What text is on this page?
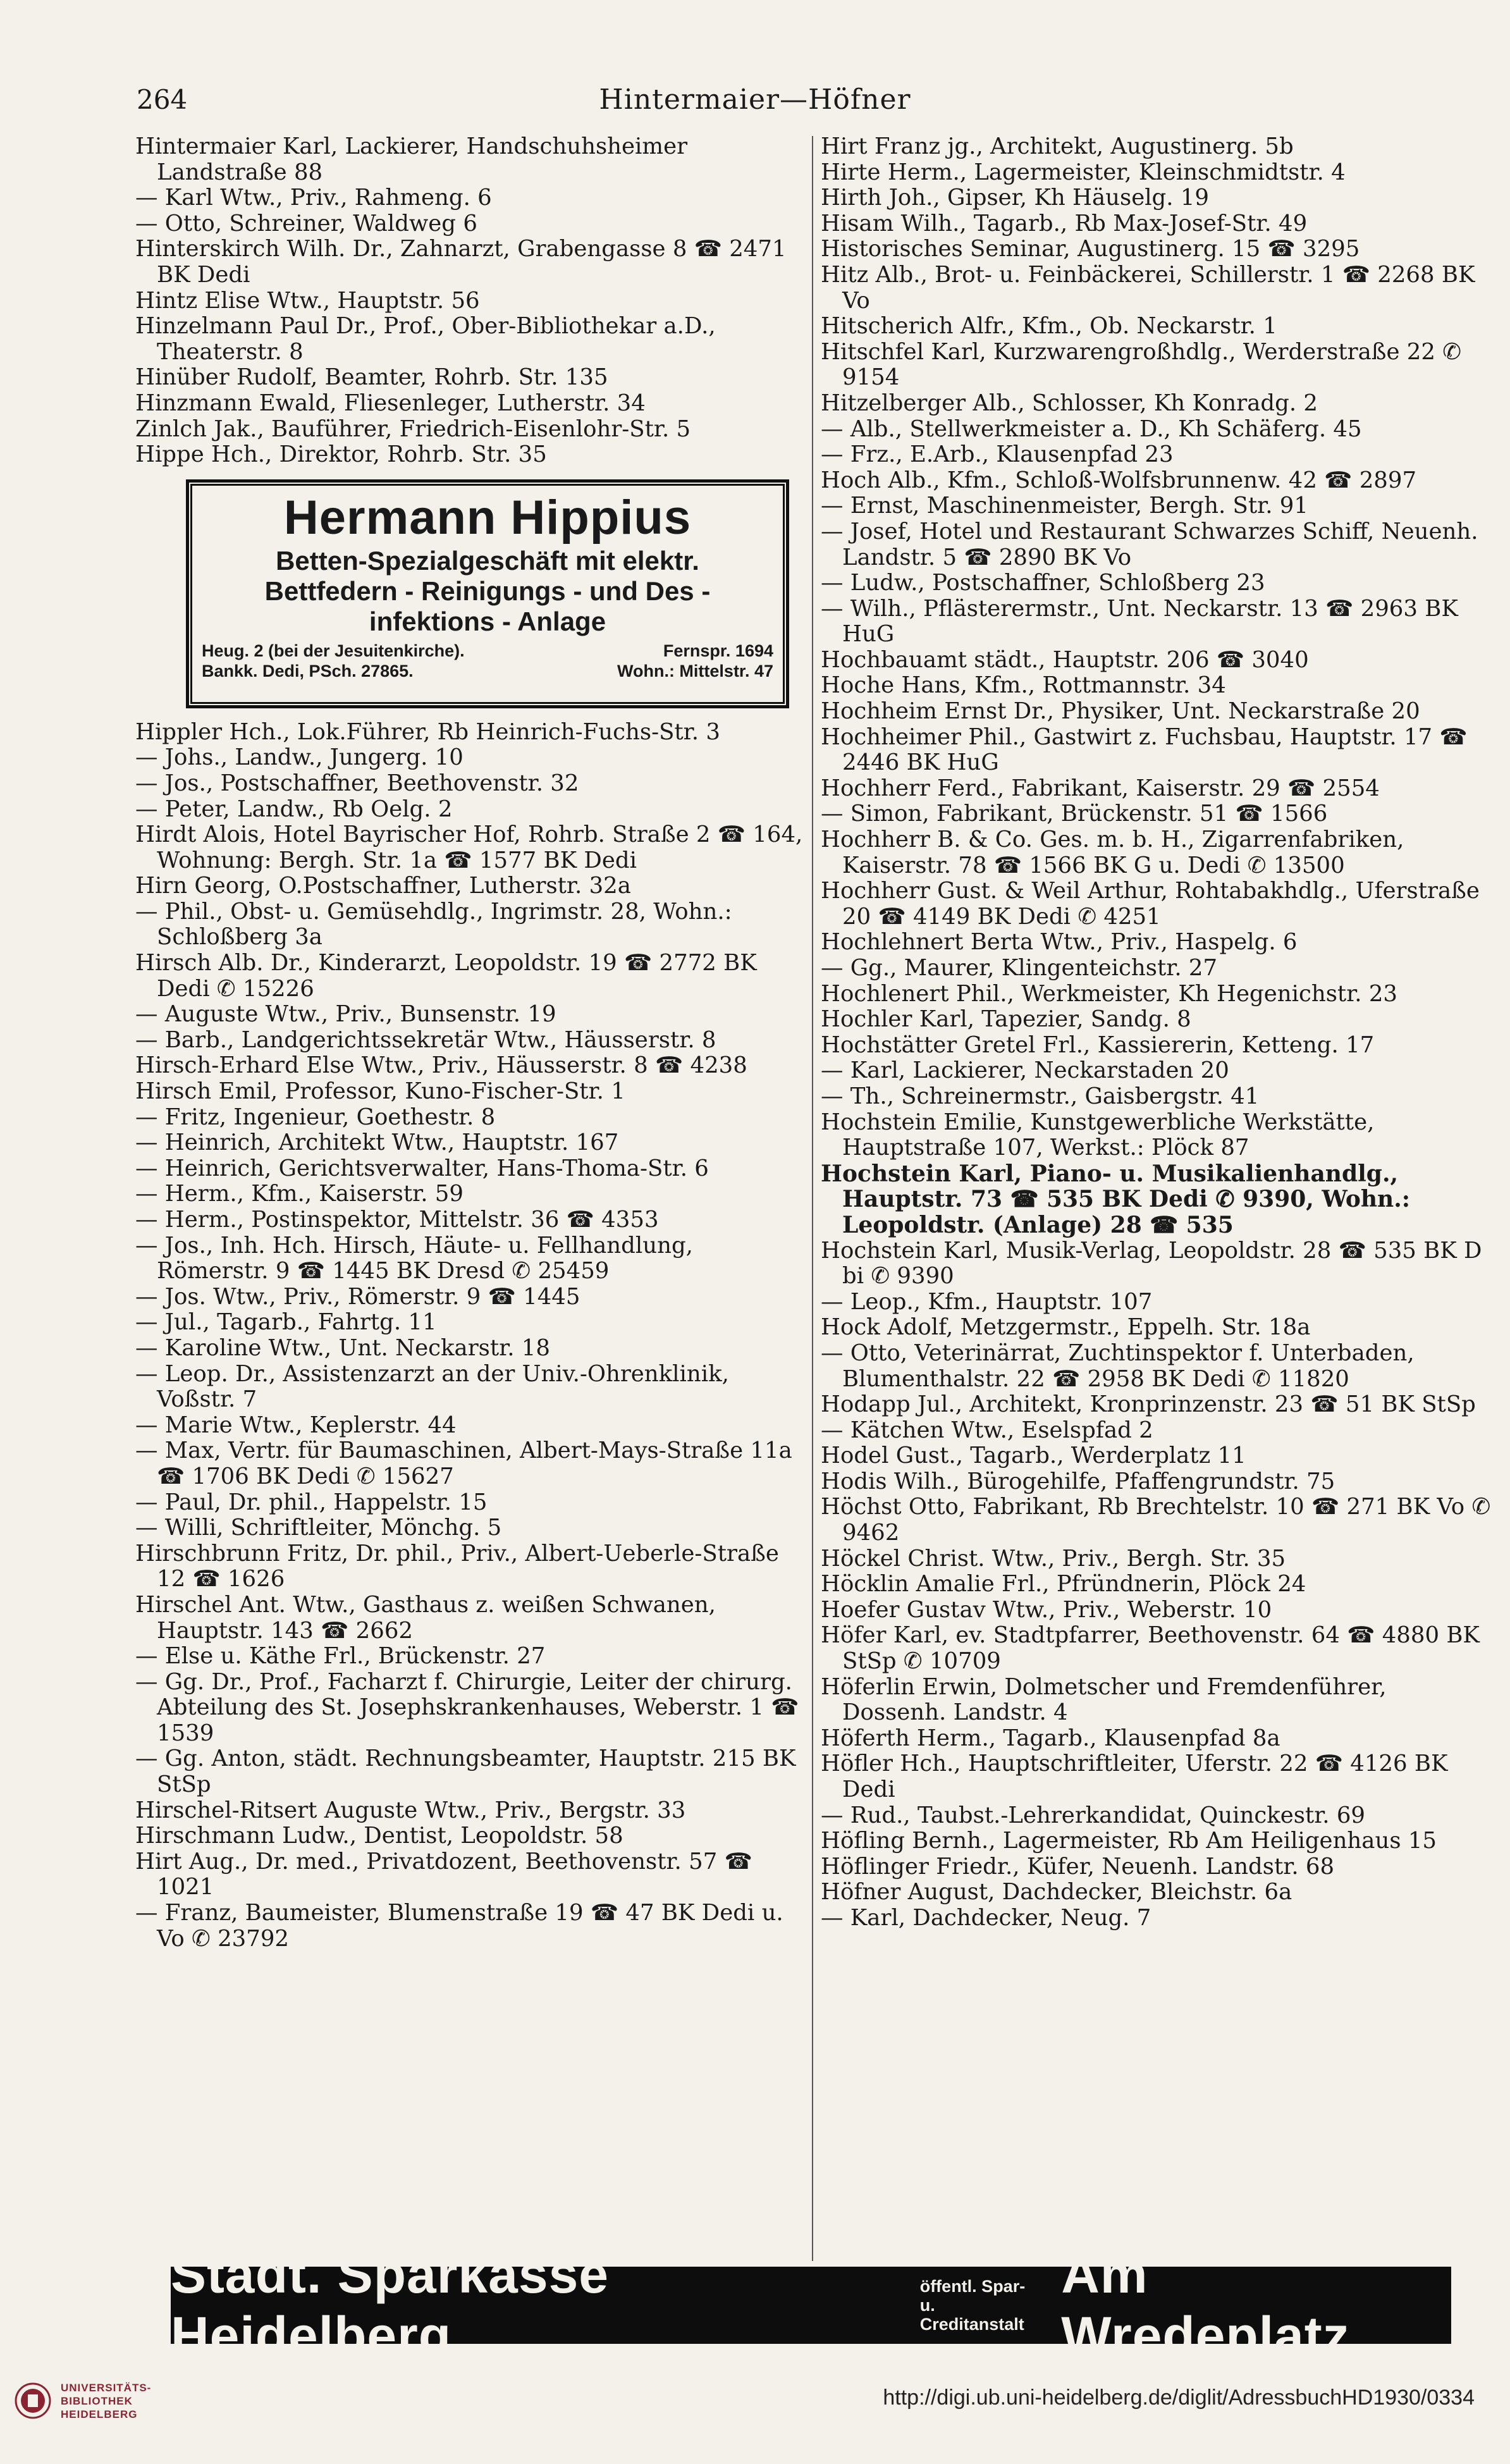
Hintermaier—Höfner
264
Hintermaier Karl, Lackierer, Handschuhsheimer Landstraße 88
— Karl Wtw., Priv., Rahmeng. 6
— Otto, Schreiner, Waldweg 6
Hinterskirch Wilh. Dr., Zahnarzt, Grabengasse 8 ☎ 2471 BK Dedi
Hintz Elise Wtw., Hauptstr. 56
Hinzelmann Paul Dr., Prof., Ober-Bibliothekar a.D., Theaterstr. 8
Hinüber Rudolf, Beamter, Rohrb. Str. 135
Hinzmann Ewald, Fliesenleger, Lutherstr. 34
Zinlch Jak., Bauführer, Friedrich-Eisenlohr-Str. 5
Hippe Hch., Direktor, Rohrb. Str. 35
Hermann Hippius
Betten-Spezialgeschäft mit elektr.
Bettfedern - Reinigungs - und Des -
infektions - Anlage
Heug. 2 (bei der Jesuitenkirche).	Fernspr. 1694
Bankk. Dedi, PSch. 27865.	Wohn.: Mittelstr. 47
Hippler Hch., Lok.Führer, Rb Heinrich-Fuchs-Str. 3
— Johs., Landw., Jungerg. 10
— Jos., Postschaffner, Beethovenstr. 32
— Peter, Landw., Rb Oelg. 2
Hirdt Alois, Hotel Bayrischer Hof, Rohrb. Straße 2 ☎ 164, Wohnung: Bergh. Str. 1a ☎ 1577 BK Dedi
Hirn Georg, O.Postschaffner, Lutherstr. 32a
— Phil., Obst- u. Gemüsehdlg., Ingrimstr. 28, Wohn.: Schloßberg 3a
Hirsch Alb. Dr., Kinderarzt, Leopoldstr. 19 ☎ 2772 BK Dedi ✆ 15226
— Auguste Wtw., Priv., Bunsenstr. 19
— Barb., Landgerichtssekretär Wtw., Häusserstr. 8
Hirsch-Erhard Else Wtw., Priv., Häusserstr. 8 ☎ 4238
Hirsch Emil, Professor, Kuno-Fischer-Str. 1
— Fritz, Ingenieur, Goethestr. 8
— Heinrich, Architekt Wtw., Hauptstr. 167
— Heinrich, Gerichtsverwalter, Hans-Thoma-Str. 6
— Herm., Kfm., Kaiserstr. 59
— Herm., Postinspektor, Mittelstr. 36 ☎ 4353
— Jos., Inh. Hch. Hirsch, Häute- u. Fellhandlung, Römerstr. 9 ☎ 1445 BK Dresd ✆ 25459
— Jos. Wtw., Priv., Römerstr. 9 ☎ 1445
— Jul., Tagarb., Fahrtg. 11
— Karoline Wtw., Unt. Neckarstr. 18
— Leop. Dr., Assistenzarzt an der Univ.-Ohrenklinik, Voßstr. 7
— Marie Wtw., Keplerstr. 44
— Max, Vertr. für Baumaschinen, Albert-Mays-Straße 11a ☎ 1706 BK Dedi ✆ 15627
— Paul, Dr. phil., Happelstr. 15
— Willi, Schriftleiter, Mönchg. 5
Hirschbrunn Fritz, Dr. phil., Priv., Albert-Ueberle-Straße 12 ☎ 1626
Hirschel Ant. Wtw., Gasthaus z. weißen Schwanen, Hauptstr. 143 ☎ 2662
— Else u. Käthe Frl., Brückenstr. 27
— Gg. Dr., Prof., Facharzt f. Chirurgie, Leiter der chirurg. Abteilung des St. Josephskrankenhauses, Weberstr. 1 ☎ 1539
— Gg. Anton, städt. Rechnungsbeamter, Hauptstr. 215 BK StSp
Hirschel-Ritsert Auguste Wtw., Priv., Bergstr. 33
Hirschmann Ludw., Dentist, Leopoldstr. 58
Hirt Aug., Dr. med., Privatdozent, Beethovenstr. 57 ☎ 1021
— Franz, Baumeister, Blumenstraße 19 ☎ 47 BK Dedi u. Vo ✆ 23792
Hirt Franz jg., Architekt, Augustinerg. 5b
Hirte Herm., Lagermeister, Kleinschmidtstr. 4
Hirth Joh., Gipser, Kh Häuselg. 19
Hisam Wilh., Tagarb., Rb Max-Josef-Str. 49
Historisches Seminar, Augustinerg. 15 ☎ 3295
Hitz Alb., Brot- u. Feinbäckerei, Schillerstr. 1 ☎ 2268 BK Vo
Hitscherich Alfr., Kfm., Ob. Neckarstr. 1
Hitschfel Karl, Kurzwarengroßhdlg., Werderstraße 22 ✆ 9154
Hitzelberger Alb., Schlosser, Kh Konradg. 2
— Alb., Stellwerkmeister a. D., Kh Schäferg. 45
— Frz., E.Arb., Klausenpfad 23
Hoch Alb., Kfm., Schloß-Wolfsbrunnenw. 42 ☎ 2897
— Ernst, Maschinenmeister, Bergh. Str. 91
— Josef, Hotel und Restaurant Schwarzes Schiff, Neuenh. Landstr. 5 ☎ 2890 BK Vo
— Ludw., Postschaffner, Schloßberg 23
— Wilh., Pflästerermstr., Unt. Neckarstr. 13 ☎ 2963 BK HuG
Hochbauamt städt., Hauptstr. 206 ☎ 3040
Hoche Hans, Kfm., Rottmannstr. 34
Hochheim Ernst Dr., Physiker, Unt. Neckarstraße 20
Hochheimer Phil., Gastwirt z. Fuchsbau, Hauptstr. 17 ☎ 2446 BK HuG
Hochherr Ferd., Fabrikant, Kaiserstr. 29 ☎ 2554
— Simon, Fabrikant, Brückenstr. 51 ☎ 1566
Hochherr B. & Co. Ges. m. b. H., Zigarrenfabriken, Kaiserstr. 78 ☎ 1566 BK G u. Dedi ✆ 13500
Hochherr Gust. & Weil Arthur, Rohtabakhdlg., Uferstraße 20 ☎ 4149 BK Dedi ✆ 4251
Hochlehnert Berta Wtw., Priv., Haspelg. 6
— Gg., Maurer, Klingenteichstr. 27
Hochlenert Phil., Werkmeister, Kh Hegenichstr. 23
Hochler Karl, Tapezier, Sandg. 8
Hochstätter Gretel Frl., Kassiererin, Ketteng. 17
— Karl, Lackierer, Neckarstaden 20
— Th., Schreinermstr., Gaisbergstr. 41
Hochstein Emilie, Kunstgewerbliche Werkstätte, Hauptstraße 107, Werkst.: Plöck 87
Hochstein Karl, Piano- u. Musikalienhandlg., Hauptstr. 73 ☎ 535 BK Dedi ✆ 9390, Wohn.: Leopoldstr. (Anlage) 28 ☎ 535
Hochstein Karl, Musik-Verlag, Leopoldstr. 28 ☎ 535 BK D bi ✆ 9390
— Leop., Kfm., Hauptstr. 107
Hock Adolf, Metzgermstr., Eppelh. Str. 18a
— Otto, Veterinärrat, Zuchtinspektor f. Unterbaden, Blumenthalstr. 22 ☎ 2958 BK Dedi ✆ 11820
Hodapp Jul., Architekt, Kronprinzenstr. 23 ☎ 51 BK StSp
— Kätchen Wtw., Eselspfad 2
Hodel Gust., Tagarb., Werderplatz 11
Hodis Wilh., Bürogehilfe, Pfaffengrundstr. 75
Höchst Otto, Fabrikant, Rb Brechtelstr. 10 ☎ 271 BK Vo ✆ 9462
Höckel Christ. Wtw., Priv., Bergh. Str. 35
Höcklin Amalie Frl., Pfründnerin, Plöck 24
Hoefer Gustav Wtw., Priv., Weberstr. 10
Höfer Karl, ev. Stadtpfarrer, Beethovenstr. 64 ☎ 4880 BK StSp ✆ 10709
Höferlin Erwin, Dolmetscher und Fremdenführer, Dossenh. Landstr. 4
Höferth Herm., Tagarb., Klausenpfad 8a
Höfler Hch., Hauptschriftleiter, Uferstr. 22 ☎ 4126 BK Dedi
— Rud., Taubst.-Lehrerkandidat, Quinckestr. 69
Höfling Bernh., Lagermeister, Rb Am Heiligenhaus 15
Höflinger Friedr., Küfer, Neuenh. Landstr. 68
Höfner August, Dachdecker, Bleichstr. 6a
— Karl, Dachdecker, Neug. 7
Städt. Sparkasse Heidelberg
öffentl. Spar- u.
Creditanstalt
Am Wredeplatz
UNIVERSITÄTS-
BIBLIOTHEK
HEIDELBERG
http://digi.ub.uni-heidelberg.de/diglit/AdressbuchHD1930/0334
